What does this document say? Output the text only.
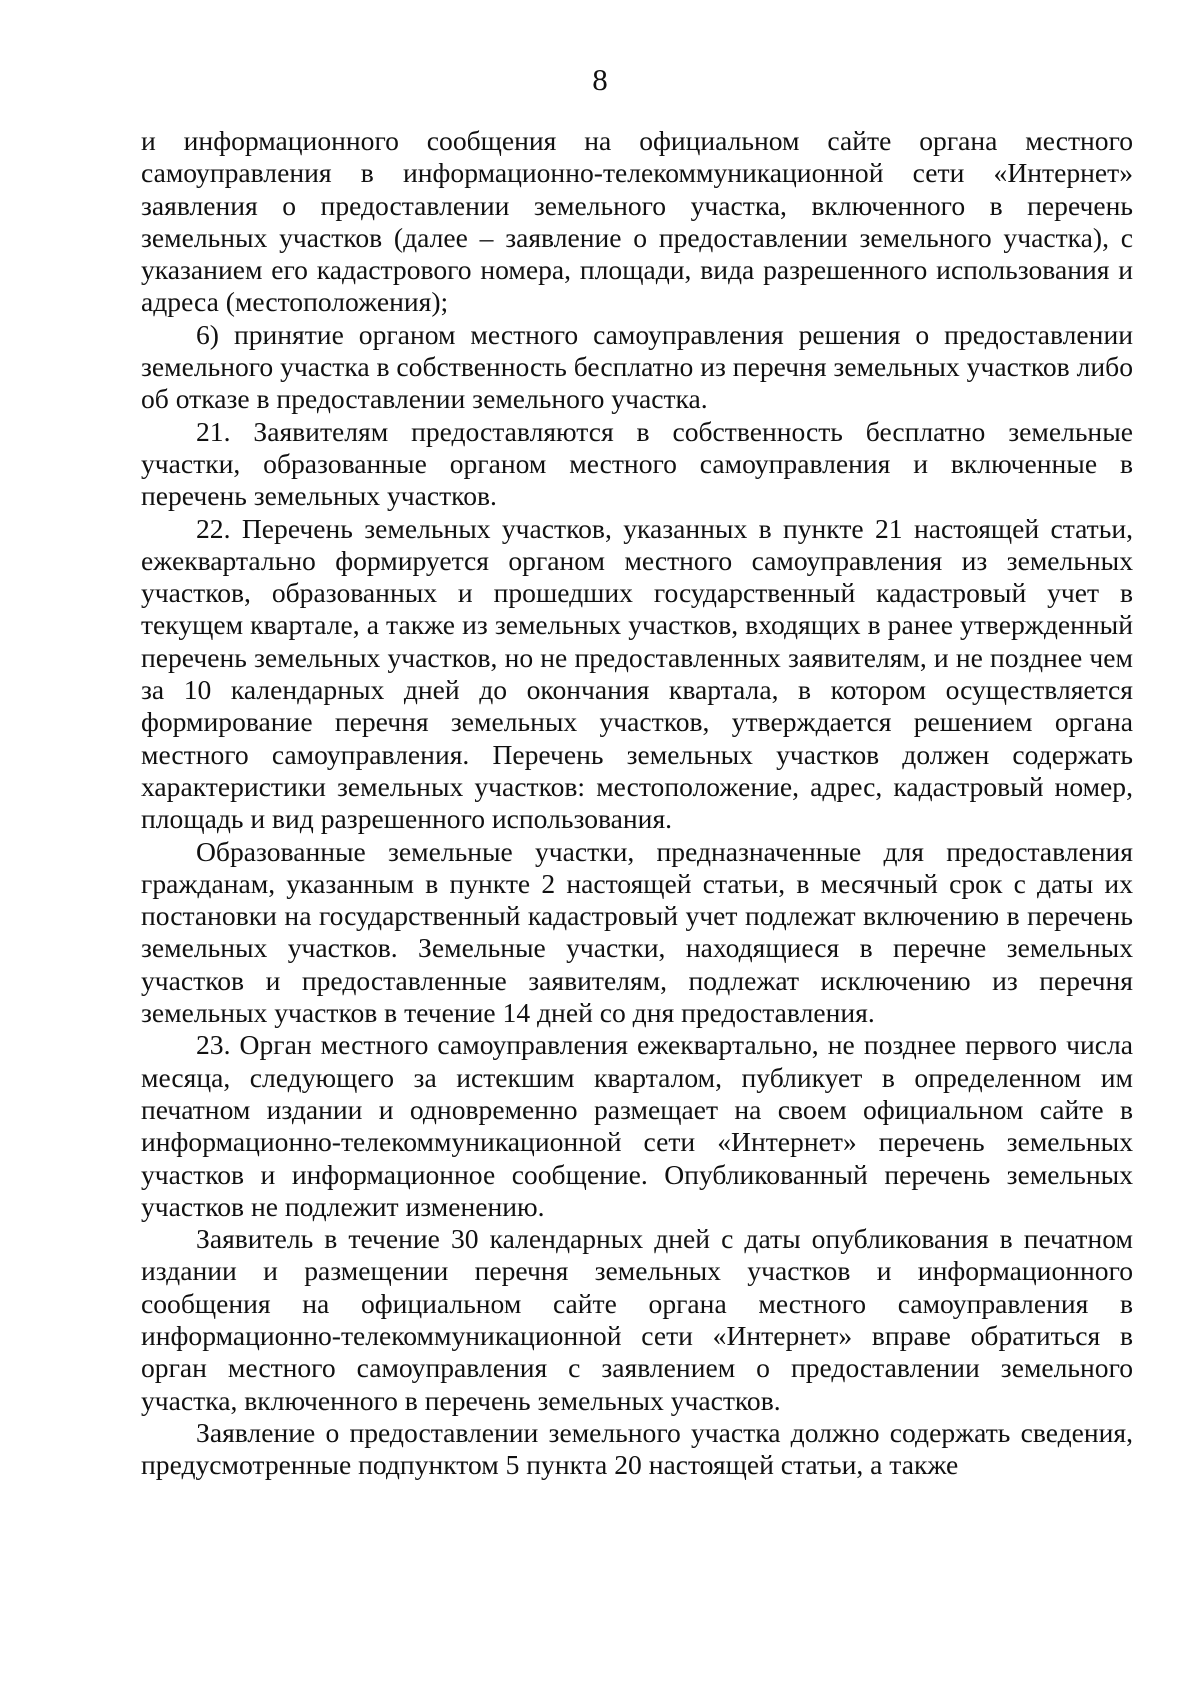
8

и информационного сообщения на официальном сайте органа местного самоуправления в информационно-телекоммуникационной сети «Интернет» заявления о предоставлении земельного участка, включенного в перечень земельных участков (далее – заявление о предоставлении земельного участка), с указанием его кадастрового номера, площади, вида разрешенного использования и адреса (местоположения);

6) принятие органом местного самоуправления решения о предоставлении земельного участка в собственность бесплатно из перечня земельных участков либо об отказе в предоставлении земельного участка.

21. Заявителям предоставляются в собственность бесплатно земельные участки, образованные органом местного самоуправления и включенные в перечень земельных участков.

22. Перечень земельных участков, указанных в пункте 21 настоящей статьи, ежеквартально формируется органом местного самоуправления из земельных участков, образованных и прошедших государственный кадастровый учет в текущем квартале, а также из земельных участков, входящих в ранее утвержденный перечень земельных участков, но не предоставленных заявителям, и не позднее чем за 10 календарных дней до окончания квартала, в котором осуществляется формирование перечня земельных участков, утверждается решением органа местного самоуправления. Перечень земельных участков должен содержать характеристики земельных участков: местоположение, адрес, кадастровый номер, площадь и вид разрешенного использования.

Образованные земельные участки, предназначенные для предоставления гражданам, указанным в пункте 2 настоящей статьи, в месячный срок с даты их постановки на государственный кадастровый учет подлежат включению в перечень земельных участков. Земельные участки, находящиеся в перечне земельных участков и предоставленные заявителям, подлежат исключению из перечня земельных участков в течение 14 дней со дня предоставления.

23. Орган местного самоуправления ежеквартально, не позднее первого числа месяца, следующего за истекшим кварталом, публикует в определенном им печатном издании и одновременно размещает на своем официальном сайте в информационно-телекоммуникационной сети «Интернет» перечень земельных участков и информационное сообщение. Опубликованный перечень земельных участков не подлежит изменению.

Заявитель в течение 30 календарных дней с даты опубликования в печатном издании и размещении перечня земельных участков и информационного сообщения на официальном сайте органа местного самоуправления в информационно-телекоммуникационной сети «Интернет» вправе обратиться в орган местного самоуправления с заявлением о предоставлении земельного участка, включенного в перечень земельных участков.

Заявление о предоставлении земельного участка должно содержать сведения, предусмотренные подпунктом 5 пункта 20 настоящей статьи, а также
